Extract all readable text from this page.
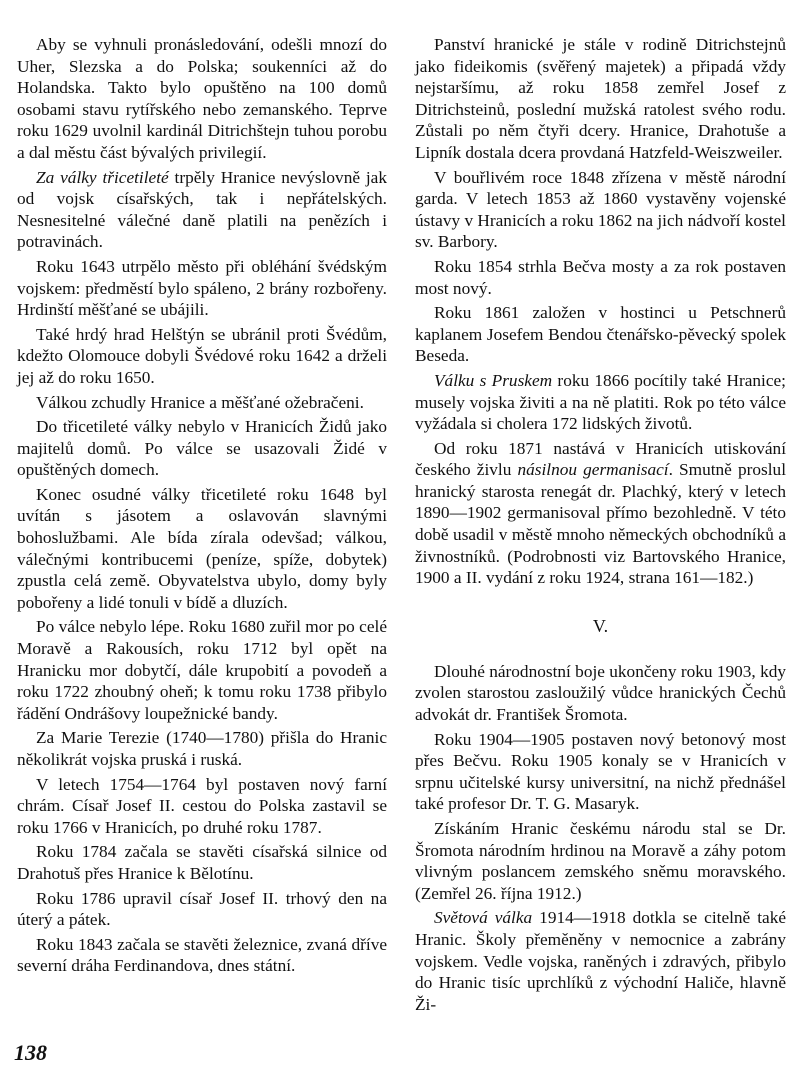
Aby se vyhnuli pronásledování, odešli mnozí do Uher, Slezska a do Polska; soukenníci až do Holandska. Takto bylo opuštěno na 100 domů osobami stavu rytířského nebo zemanského. Teprve roku 1629 uvolnil kardinál Ditrichštejn tuhou porobu a dal městu část bývalých privilegií.

Za války třicetileté trpěly Hranice nevýslovně jak od vojsk císařských, tak i nepřátelských. Nesnesitelné válečné daně platili na penězích i potravinách.

Roku 1643 utrpělo město při obléhání švédským vojskem: předměstí bylo spáleno, 2 brány rozbořeny. Hrdinští měšťané se ubájili.

Také hrdý hrad Helštýn se ubránil proti Švédům, kdežto Olomouce dobyli Švédové roku 1642 a drželi jej až do roku 1650.

Válkou zchudly Hranice a měšťané ožebračeni.

Do třicetileté války nebylo v Hranicích Židů jako majitelů domů. Po válce se usazovali Židé v opuštěných domech.

Konec osudné války třicetileté roku 1648 byl uvítán s jásotem a oslavován slavnými bohoslužbami. Ale bída zírala odevšad; válkou, válečnými kontribucemi (peníze, spíže, dobytek) zpustla celá země. Obyvatelstva ubylo, domy byly pobořeny a lidé tonuli v bídě a dluzích.

Po válce nebylo lépe. Roku 1680 zuřil mor po celé Moravě a Rakousích, roku 1712 byl opět na Hranicku mor dobytčí, dále krupobití a povodeň a roku 1722 zhoubný oheň; k tomu roku 1738 přibylo řádění Ondrášovy loupežnické bandy.

Za Marie Terezie (1740—1780) přišla do Hranic několikrát vojska pruská i ruská.

V letech 1754—1764 byl postaven nový farní chrám. Císař Josef II. cestou do Polska zastavil se roku 1766 v Hranicích, po druhé roku 1787.

Roku 1784 začala se stavěti císařská silnice od Drahotuš přes Hranice k Bělotínu.

Roku 1786 upravil císař Josef II. trhový den na úterý a pátek.

Roku 1843 začala se stavěti železnice, zvaná dříve severní dráha Ferdinandova, dnes státní.

Panství hranické je stále v rodině Ditrichstejnů jako fideikomis (svěřený majetek) a připadá vždy nejstaršímu, až roku 1858 zemřel Josef z Ditrichsteinů, poslední mužská ratolest svého rodu. Zůstali po něm čtyři dcery. Hranice, Drahotuše a Lipník dostala dcera provdaná Hatzfeld-Weiszweiler.

V bouřlivém roce 1848 zřízena v městě národní garda. V letech 1853 až 1860 vystavěny vojenské ústavy v Hranicích a roku 1862 na jich nádvoří kostel sv. Barbory.

Roku 1854 strhla Bečva mosty a za rok postaven most nový.

Roku 1861 založen v hostinci u Petschnerů kaplanem Josefem Bendou čtenářsko-pěvecký spolek Beseda.

Válku s Pruskem roku 1866 pocítily také Hranice; musely vojska živiti a na ně platiti. Rok po této válce vyžádala si cholera 172 lidských životů.

Od roku 1871 nastává v Hranicích utiskování českého živlu násilnou germanisací. Smutně proslul hranický starosta renegát dr. Plachký, který v letech 1890—1902 germanisoval přímo bezohledně. V této době usadil v městě mnoho německých obchodníků a živnostníků. (Podrobnosti viz Bartovského Hranice, 1900 a II. vydání z roku 1924, strana 161—182.)

V.

Dlouhé národnostní boje ukončeny roku 1903, kdy zvolen starostou zasloužilý vůdce hranických Čechů advokát dr. František Šromota.

Roku 1904—1905 postaven nový betonový most přes Bečvu. Roku 1905 konaly se v Hranicích v srpnu učitelské kursy universitní, na nichž přednášel také profesor Dr. T. G. Masaryk.

Získáním Hranic českému národu stal se Dr. Šromota národním hrdinou na Moravě a záhy potom vlivným poslancem zemského sněmu moravského. (Zemřel 26. října 1912.)

Světová válka 1914—1918 dotkla se citelně také Hranic. Školy přeměněny v nemocnice a zabrány vojskem. Vedle vojska, raněných i zdravých, přibylo do Hranic tisíc uprchlíků z východní Haliče, hlavně Ži-

138
